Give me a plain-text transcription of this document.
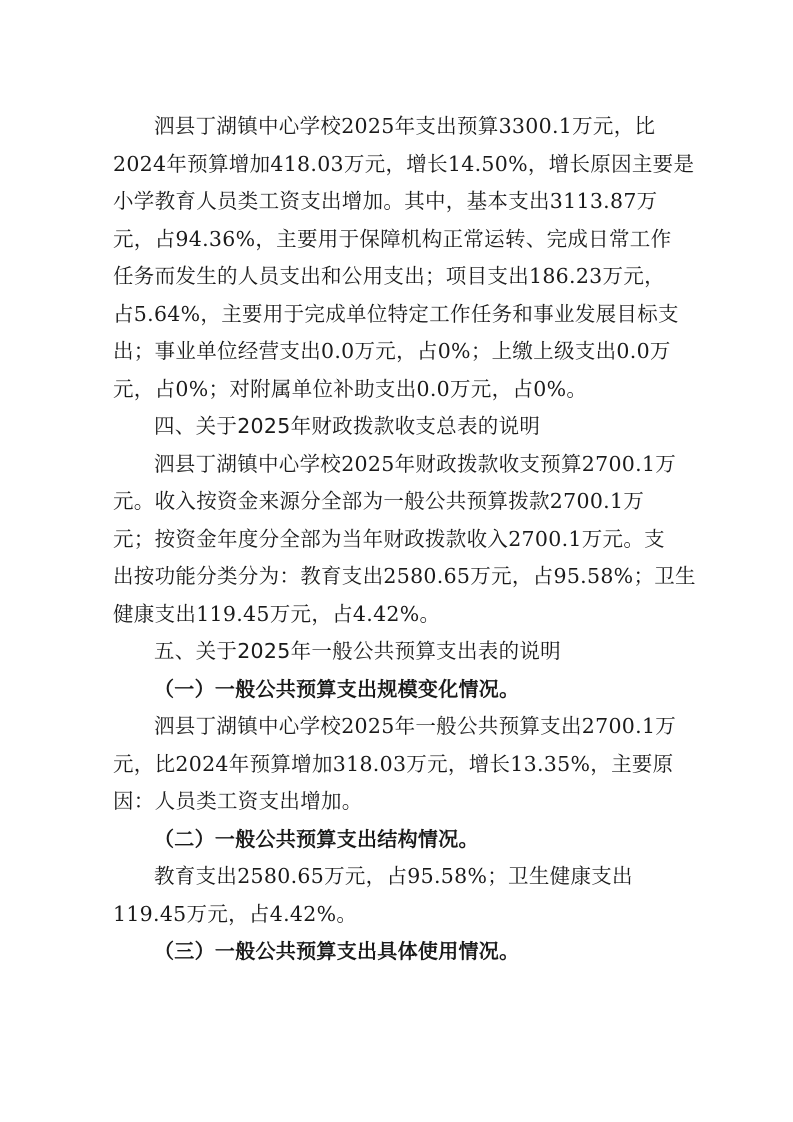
泗县丁湖镇中心学校2025年支出预算3300.1万元，比
2024年预算增加418.03万元，增长14.50%，增长原因主要是
小学教育人员类工资支出增加。其中，基本支出3113.87万
元，占94.36%，主要用于保障机构正常运转、完成日常工作
任务而发生的人员支出和公用支出；项目支出186.23万元，
占5.64%，主要用于完成单位特定工作任务和事业发展目标支
出；事业单位经营支出0.0万元，占0%；上缴上级支出0.0万
元，占0%；对附属单位补助支出0.0万元，占0%。
四、关于2025年财政拨款收支总表的说明
泗县丁湖镇中心学校2025年财政拨款收支预算2700.1万
元。收入按资金来源分全部为一般公共预算拨款2700.1万
元；按资金年度分全部为当年财政拨款收入2700.1万元。支
出按功能分类分为：教育支出2580.65万元，占95.58%；卫生
健康支出119.45万元，占4.42%。
五、关于2025年一般公共预算支出表的说明
（一）一般公共预算支出规模变化情况。
泗县丁湖镇中心学校2025年一般公共预算支出2700.1万
元，比2024年预算增加318.03万元，增长13.35%，主要原
因：人员类工资支出增加。
（二）一般公共预算支出结构情况。
教育支出2580.65万元，占95.58%；卫生健康支出
119.45万元，占4.42%。
（三）一般公共预算支出具体使用情况。
